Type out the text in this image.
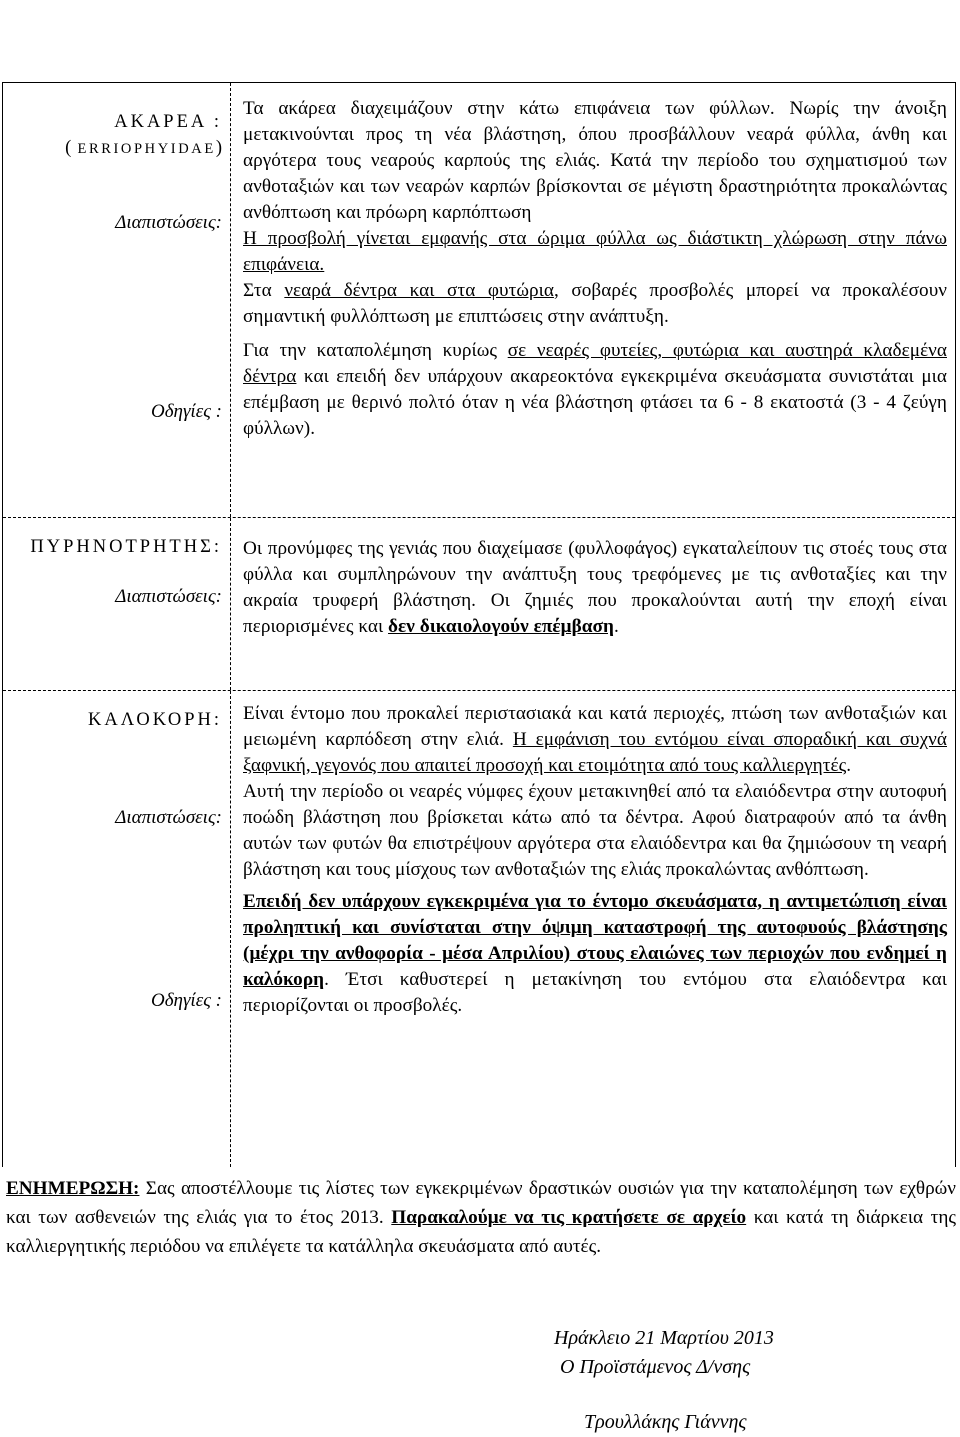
ΑΚΑΡΕΑ :
( ERRIOPHYIDAE)
Διαπιστώσεις:
Οδηγίες :

Τα ακάρεα διαχειμάζουν στην κάτω επιφάνεια των φύλλων. Νωρίς την άνοιξη μετακινούνται προς τη νέα βλάστηση, όπου προσβάλλουν νεαρά φύλλα, άνθη και αργότερα τους νεαρούς καρπούς της ελιάς. Κατά την περίοδο του σχηματισμού των ανθοταξιών και των νεαρών καρπών βρίσκονται σε μέγιστη δραστηριότητα προκαλώντας ανθόπτωση και πρόωρη καρπόπτωση

Η προσβολή γίνεται εμφανής στα ώριμα φύλλα ως διάστικτη χλώρωση στην πάνω επιφάνεια.

Στα νεαρά δέντρα και στα φυτώρια, σοβαρές προσβολές μπορεί να προκαλέσουν σημαντική φυλλόπτωση με επιπτώσεις στην ανάπτυξη.

Για την καταπολέμηση κυρίως σε νεαρές φυτείες, φυτώρια και αυστηρά κλαδεμένα δέντρα και επειδή δεν υπάρχουν ακαρεοκτόνα εγκεκριμένα σκευάσματα συνιστάται μια επέμβαση με θερινό πολτό όταν η νέα βλάστηση φτάσει τα 6 - 8 εκατοστά (3 - 4 ζεύγη φύλλων).

ΠΥΡΗΝΟΤΡΗΤΗΣ:
Διαπιστώσεις:

Οι προνύμφες της γενιάς που διαχείμασε (φυλλοφάγος) εγκαταλείπουν τις στοές τους στα φύλλα και συμπληρώνουν την ανάπτυξη τους τρεφόμενες με τις ανθοταξίες και την ακραία τρυφερή βλάστηση. Οι ζημιές που προκαλούνται αυτή την εποχή είναι περιορισμένες και δεν δικαιολογούν επέμβαση.

ΚΑΛΟΚΟΡΗ:
Διαπιστώσεις:
Οδηγίες :

Είναι έντομο που προκαλεί περιστασιακά και κατά περιοχές, πτώση των ανθοταξιών και μειωμένη καρπόδεση στην ελιά. Η εμφάνιση του εντόμου είναι σποραδική και συχνά ξαφνική, γεγονός που απαιτεί προσοχή και ετοιμότητα από τους καλλιεργητές.

Αυτή την περίοδο οι νεαρές νύμφες έχουν μετακινηθεί από τα ελαιόδεντρα στην αυτοφυή ποώδη βλάστηση που βρίσκεται κάτω από τα δέντρα. Αφού διατραφούν από τα άνθη αυτών των φυτών θα επιστρέψουν αργότερα στα ελαιόδεντρα και θα ζημιώσουν τη νεαρή βλάστηση και τους μίσχους των ανθοταξιών της ελιάς προκαλώντας ανθόπτωση.

Επειδή δεν υπάρχουν εγκεκριμένα για το έντομο σκευάσματα, η αντιμετώπιση είναι προληπτική και συνίσταται στην όψιμη καταστροφή της αυτοφυούς βλάστησης (μέχρι την ανθοφορία - μέσα Απριλίου) στους ελαιώνες των περιοχών που ενδημεί η καλόκορη. Έτσι καθυστερεί η μετακίνηση του εντόμου στα ελαιόδεντρα και περιορίζονται οι προσβολές.

ΕΝΗΜΕΡΩΣΗ: Σας αποστέλλουμε τις λίστες των εγκεκριμένων δραστικών ουσιών για την καταπολέμηση των εχθρών και των ασθενειών της ελιάς για το έτος 2013. Παρακαλούμε να τις κρατήσετε σε αρχείο και κατά τη διάρκεια της καλλιεργητικής περιόδου να επιλέγετε τα κατάλληλα σκευάσματα από αυτές.

Ηράκλειο 21 Μαρτίου 2013
Ο Προϊστάμενος Δ/νσης
Τρουλλάκης Γιάννης
